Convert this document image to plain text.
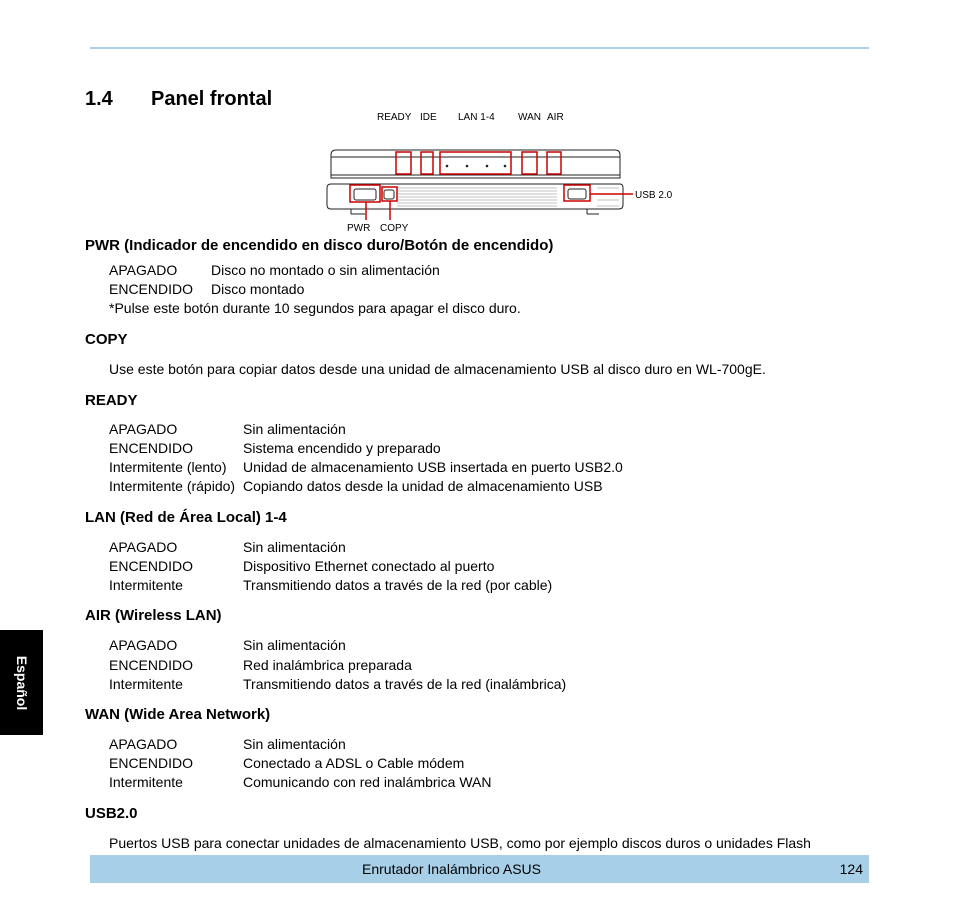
1.4 Panel frontal
READY IDE LAN 1-4 WAN AIR
USB 2.0
PWR COPY
PWR (Indicador de encendido en disco duro/Botón de encendido)
APAGADO Disco no montado o sin alimentación
ENCENDIDO Disco montado
*Pulse este botón durante 10 segundos para apagar el disco duro.
COPY
Use este botón para copiar datos desde una unidad de almacenamiento USB al disco duro en WL-700gE.
READY
APAGADO	Sin alimentación
ENCENDIDO	Sistema encendido y preparado
Intermitente (lento) Unidad de almacenamiento USB insertada en puerto USB2.0
Intermitente (rápido) Copiando datos desde la unidad de almacenamiento USB
LAN (Red de Área Local) 1-4
APAGADO	Sin alimentación
ENCENDIDO	Dispositivo Ethernet conectado al puerto
Intermitente	Transmitiendo datos a través de la red (por cable)
AIR (Wireless LAN)
APAGADO	Sin alimentación
ENCENDIDO	Red inalámbrica preparada
Intermitente	Transmitiendo datos a través de la red (inalámbrica)
WAN (Wide Area Network)
APAGADO	Sin alimentación
ENCENDIDO	Conectado a ADSL o Cable módem
Intermitente	Comunicando con red inalámbrica WAN
USB2.0
Puertos USB para conectar unidades de almacenamiento USB, como por ejemplo discos duros o unidades Flash
Español
Enrutador Inalámbrico ASUS	124
